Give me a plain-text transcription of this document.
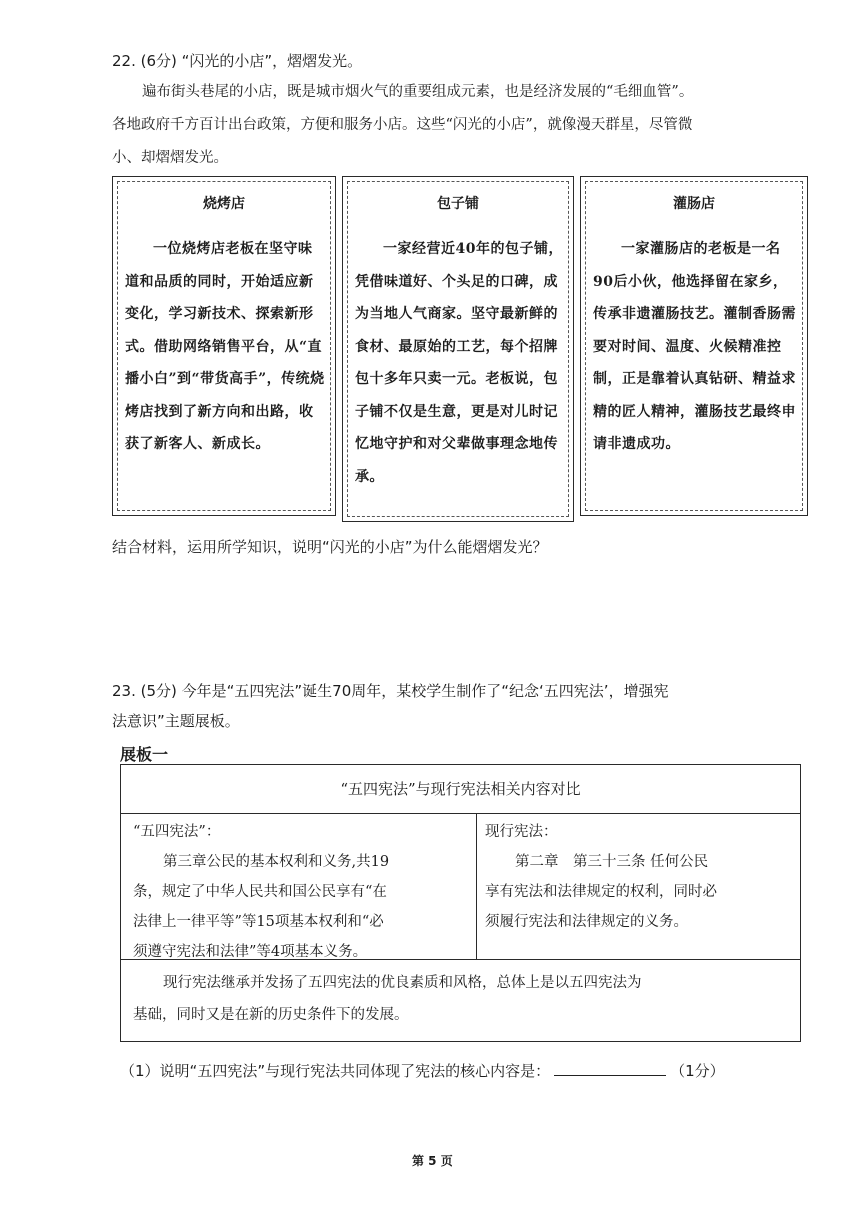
22. (6分) “闪光的小店”，熠熠发光。

遍布街头巷尾的小店，既是城市烟火气的重要组成元素，也是经济发展的“毛细血管”。

各地政府千方百计出台政策，方便和服务小店。这些“闪光的小店”，就像漫天群星，尽管微

小、却熠熠发光。

烧烤店
一位烧烤店老板在坚守味道和品质的同时，开始适应新变化，学习新技术、探索新形式。借助网络销售平台，从“直播小白”到“带货高手”，传统烧烤店找到了新方向和出路，收获了新客人、新成长。
包子铺
一家经营近40年的包子铺，凭借味道好、个头足的口碑，成为当地人气商家。坚守最新鲜的食材、最原始的工艺，每个招牌包十多年只卖一元。老板说，包子铺不仅是生意，更是对儿时记忆地守护和对父辈做事理念地传承。
灌肠店
一家灌肠店的老板是一名90后小伙，他选择留在家乡，传承非遗灌肠技艺。灌制香肠需要对时间、温度、火候精准控制，正是靠着认真钻研、精益求精的匠人精神，灌肠技艺最终申请非遗成功。
结合材料，运用所学知识，说明“闪光的小店”为什么能熠熠发光？
23. (5分) 今年是“五四宪法”诞生70周年，某校学生制作了“纪念‘五四宪法’，增强宪
法意识”主题展板。
展板一
“五四宪法”与现行宪法相关内容对比

“五四宪法”：

第三章公民的基本权利和义务,共19

条，规定了中华人民共和国公民享有“在

法律上一律平等”等15项基本权利和“必

须遵守宪法和法律”等4项基本义务。

现行宪法：

第二章　第三十三条 任何公民

享有宪法和法律规定的权利，同时必

须履行宪法和法律规定的义务。

现行宪法继承并发扬了五四宪法的优良素质和风格，总体上是以五四宪法为
基础，同时又是在新的历史条件下的发展。
（1）说明“五四宪法”与现行宪法共同体现了宪法的核心内容是：	（1分）
第 5 页
